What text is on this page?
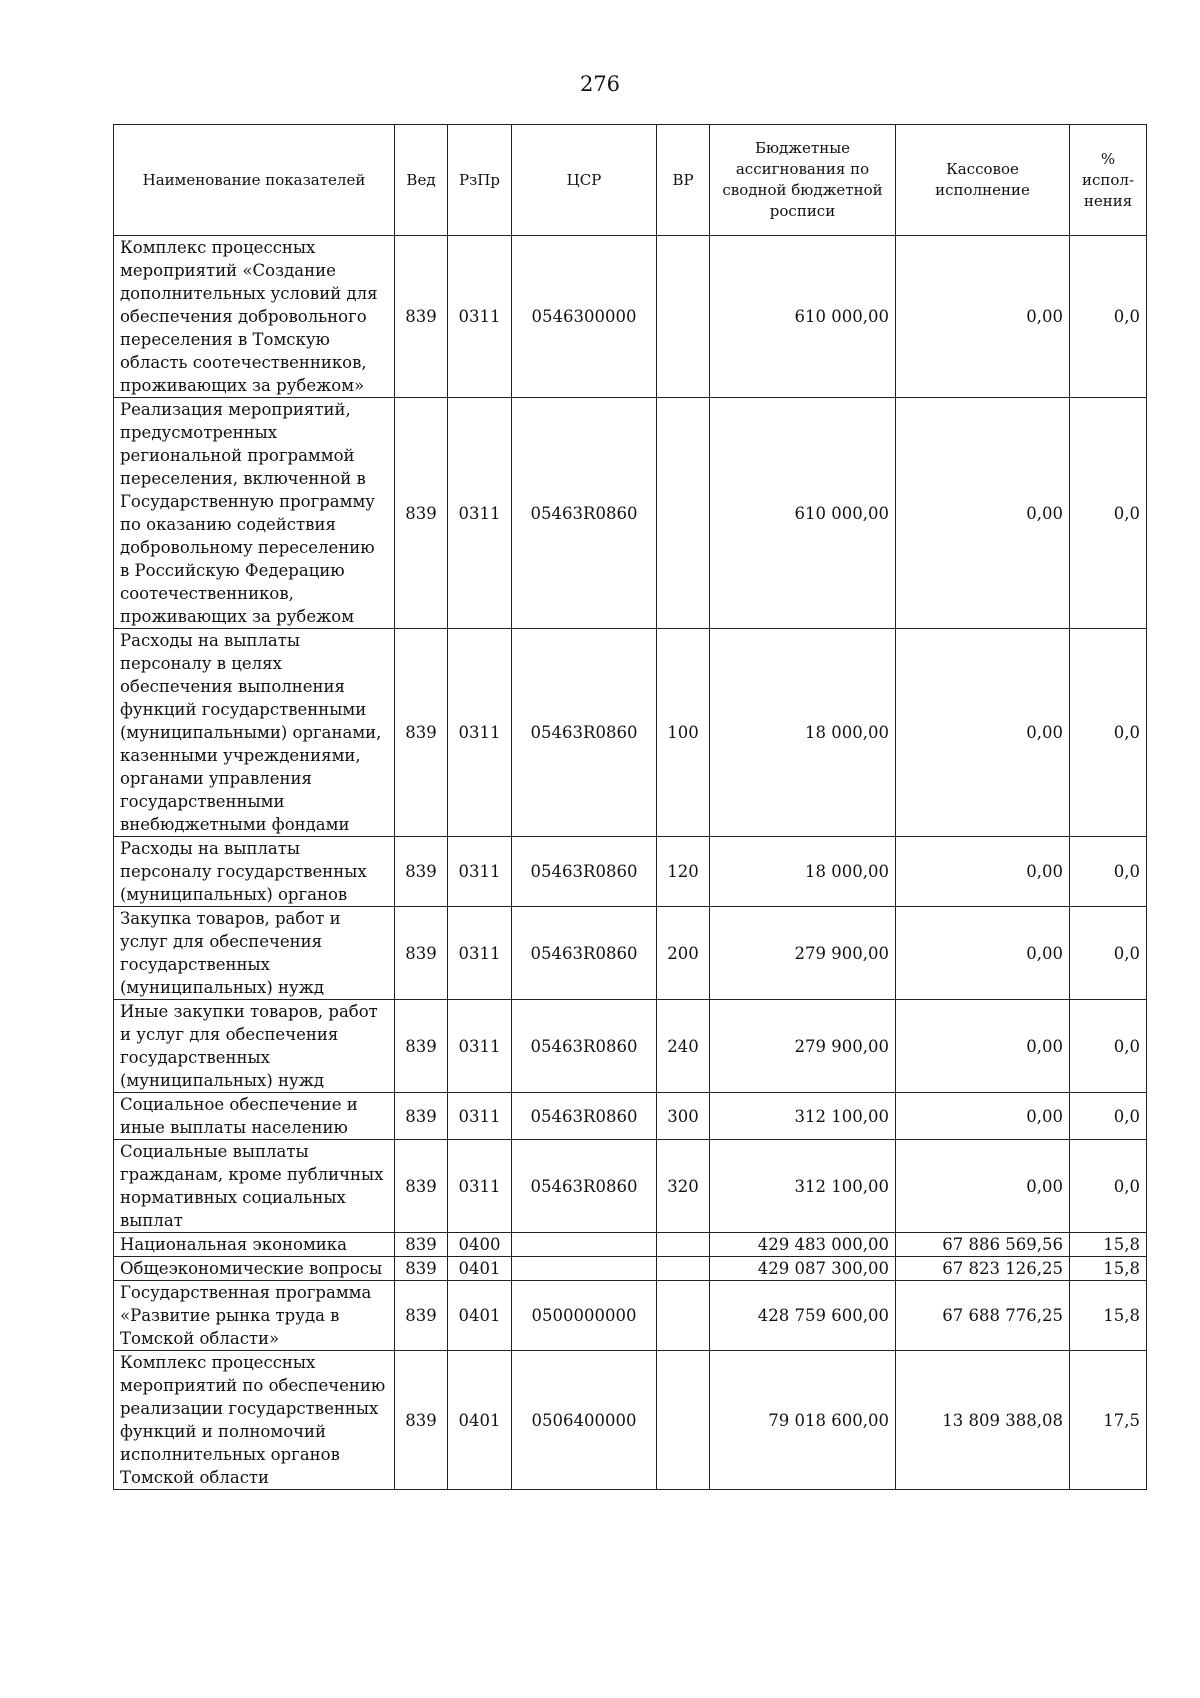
276
Наименование показателей	Вед	РзПр	ЦСР	ВР	Бюджетные ассигнования по сводной бюджетной росписи	Кассовое исполнение	% испол-нения
Комплекс процессных мероприятий «Создание дополнительных условий для обеспечения добровольного переселения в Томскую область соотечественников, проживающих за рубежом»	839	0311	0546300000		610 000,00	0,00	0,0
Реализация мероприятий, предусмотренных региональной программой переселения, включенной в Государственную программу по оказанию содействия добровольному переселению в Российскую Федерацию соотечественников, проживающих за рубежом	839	0311	05463R0860		610 000,00	0,00	0,0
Расходы на выплаты персоналу в целях обеспечения выполнения функций государственными (муниципальными) органами, казенными учреждениями, органами управления государственными внебюджетными фондами	839	0311	05463R0860	100	18 000,00	0,00	0,0
Расходы на выплаты персоналу государственных (муниципальных) органов	839	0311	05463R0860	120	18 000,00	0,00	0,0
Закупка товаров, работ и услуг для обеспечения государственных (муниципальных) нужд	839	0311	05463R0860	200	279 900,00	0,00	0,0
Иные закупки товаров, работ и услуг для обеспечения государственных (муниципальных) нужд	839	0311	05463R0860	240	279 900,00	0,00	0,0
Социальное обеспечение и иные выплаты населению	839	0311	05463R0860	300	312 100,00	0,00	0,0
Социальные выплаты гражданам, кроме публичных нормативных социальных выплат	839	0311	05463R0860	320	312 100,00	0,00	0,0
Национальная экономика	839	0400			429 483 000,00	67 886 569,56	15,8
Общеэкономические вопросы	839	0401			429 087 300,00	67 823 126,25	15,8
Государственная программа «Развитие рынка труда в Томской области»	839	0401	0500000000		428 759 600,00	67 688 776,25	15,8
Комплекс процессных мероприятий по обеспечению реализации государственных функций и полномочий исполнительных органов Томской области	839	0401	0506400000		79 018 600,00	13 809 388,08	17,5
